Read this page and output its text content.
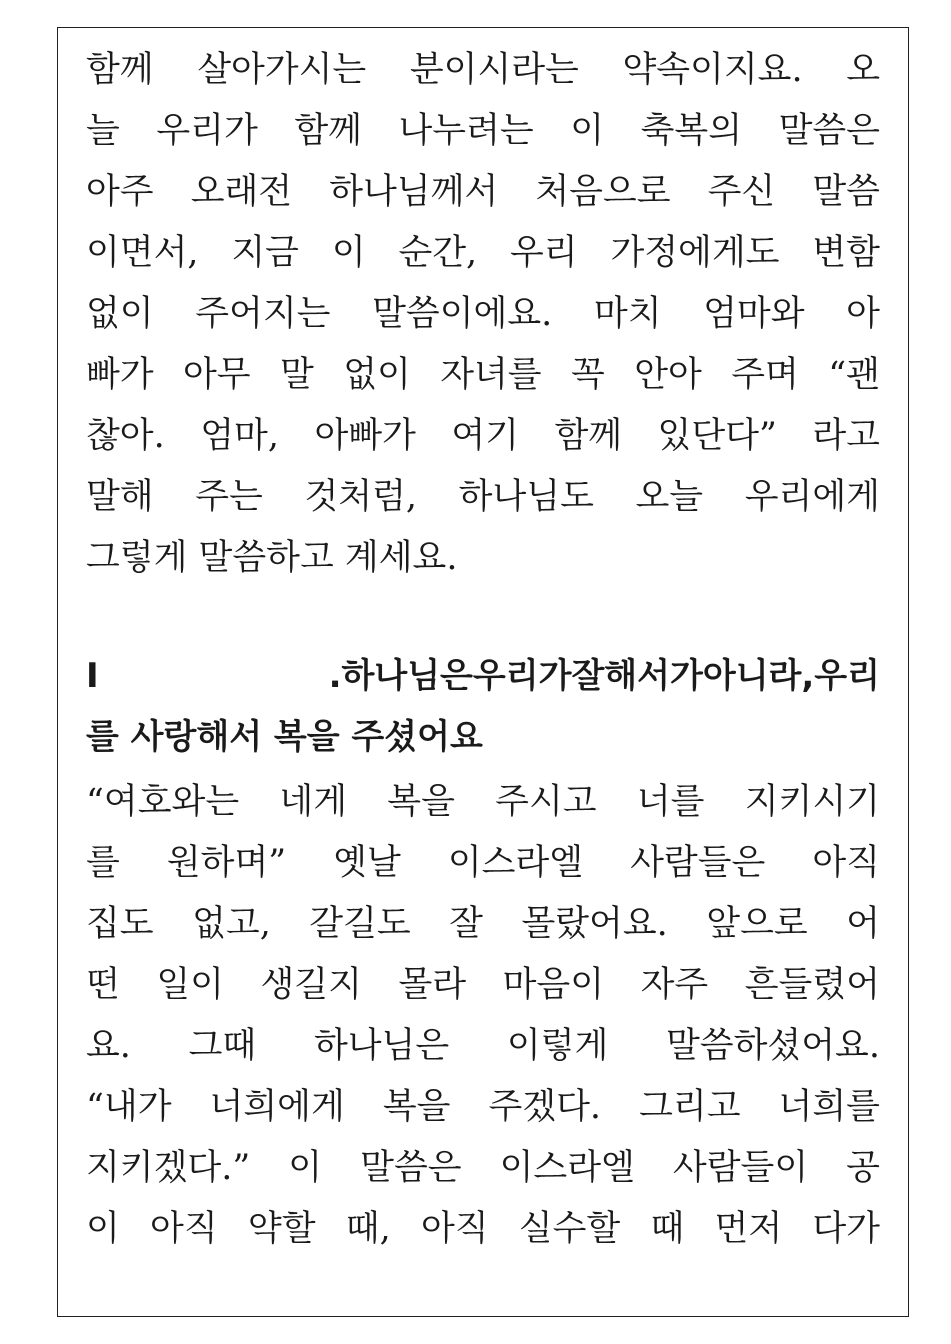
함께 살아가시는 분이시라는 약속이지요. 오
늘 우리가 함께 나누려는 이 축복의 말씀은
아주 오래전 하나님께서 처음으로 주신 말씀
이면서, 지금 이 순간, 우리 가정에게도 변함
없이 주어지는 말씀이에요. 마치 엄마와 아
빠가 아무 말 없이 자녀를 꼭 안아 주며 “괜
찮아. 엄마, 아빠가 여기 함께 있단다” 라고
말해 주는 것처럼, 하나님도 오늘 우리에게
그렇게 말씀하고 계세요.
Ⅰ.하나님은우리가잘해서가아니라,우리
를 사랑해서 복을 주셨어요
“여호와는 네게 복을 주시고 너를 지키시기
를 원하며” 옛날 이스라엘 사람들은 아직
집도 없고, 갈길도 잘 몰랐어요. 앞으로 어
떤 일이 생길지 몰라 마음이 자주 흔들렸어
요. 그때 하나님은 이렇게 말씀하셨어요.
“내가 너희에게 복을 주겠다. 그리고 너희를
지키겠다.” 이 말씀은 이스라엘 사람들이 공
이 아직 약할 때, 아직 실수할 때 먼저 다가
